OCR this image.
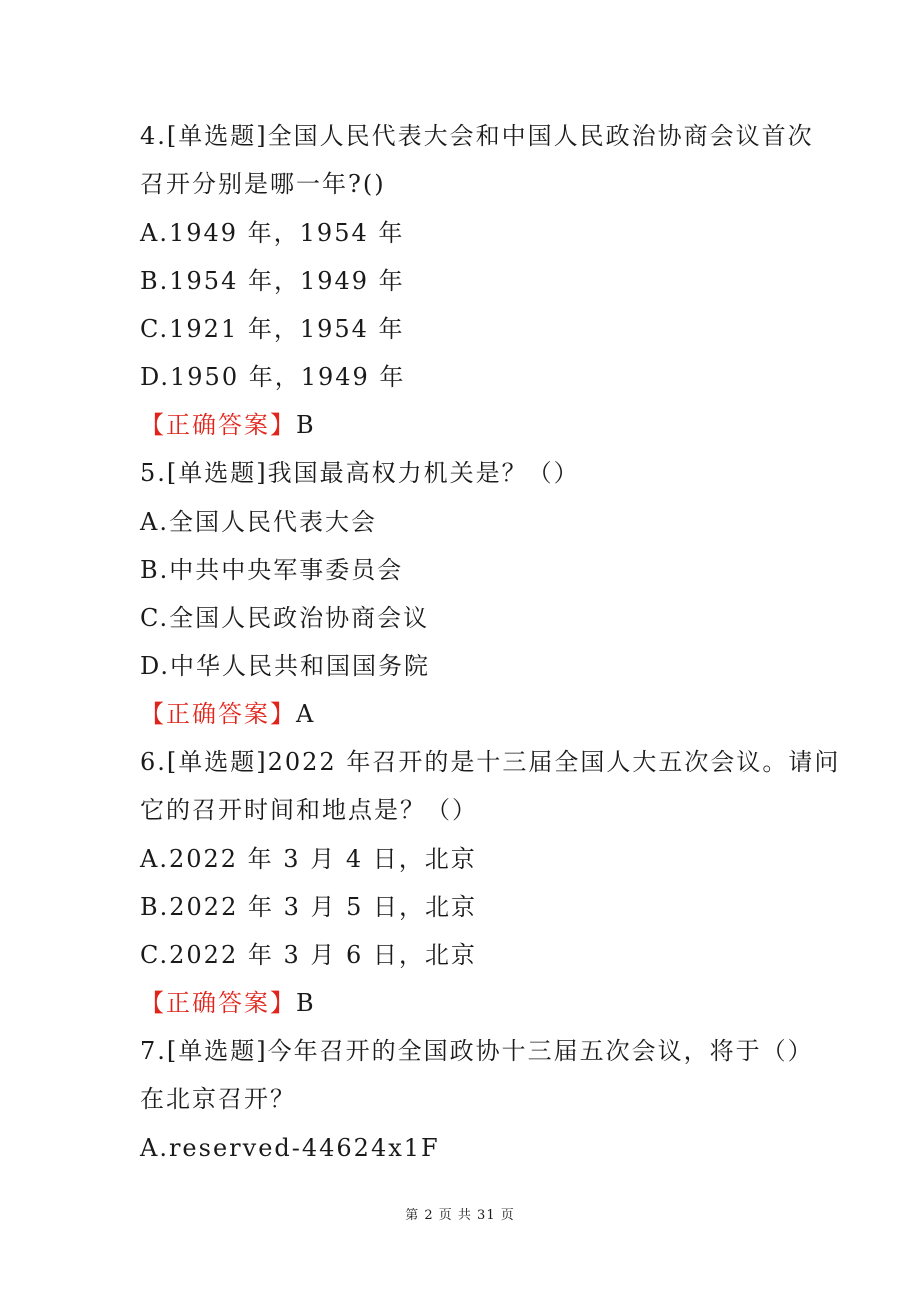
4.[单选题]全国人民代表大会和中国人民政治协商会议首次
召开分别是哪一年?()
A.1949 年，1954 年
B.1954 年，1949 年
C.1921 年，1954 年
D.1950 年，1949 年
【正确答案】B
5.[单选题]我国最高权力机关是？（）
A.全国人民代表大会
B.中共中央军事委员会
C.全国人民政治协商会议
D.中华人民共和国国务院
【正确答案】A
6.[单选题]2022 年召开的是十三届全国人大五次会议。请问
它的召开时间和地点是？（）
A.2022 年 3 月 4 日，北京
B.2022 年 3 月 5 日，北京
C.2022 年 3 月 6 日，北京
【正确答案】B
7.[单选题]今年召开的全国政协十三届五次会议，将于（）
在北京召开？
A.reserved-44624x1F
第 2 页 共 31 页
